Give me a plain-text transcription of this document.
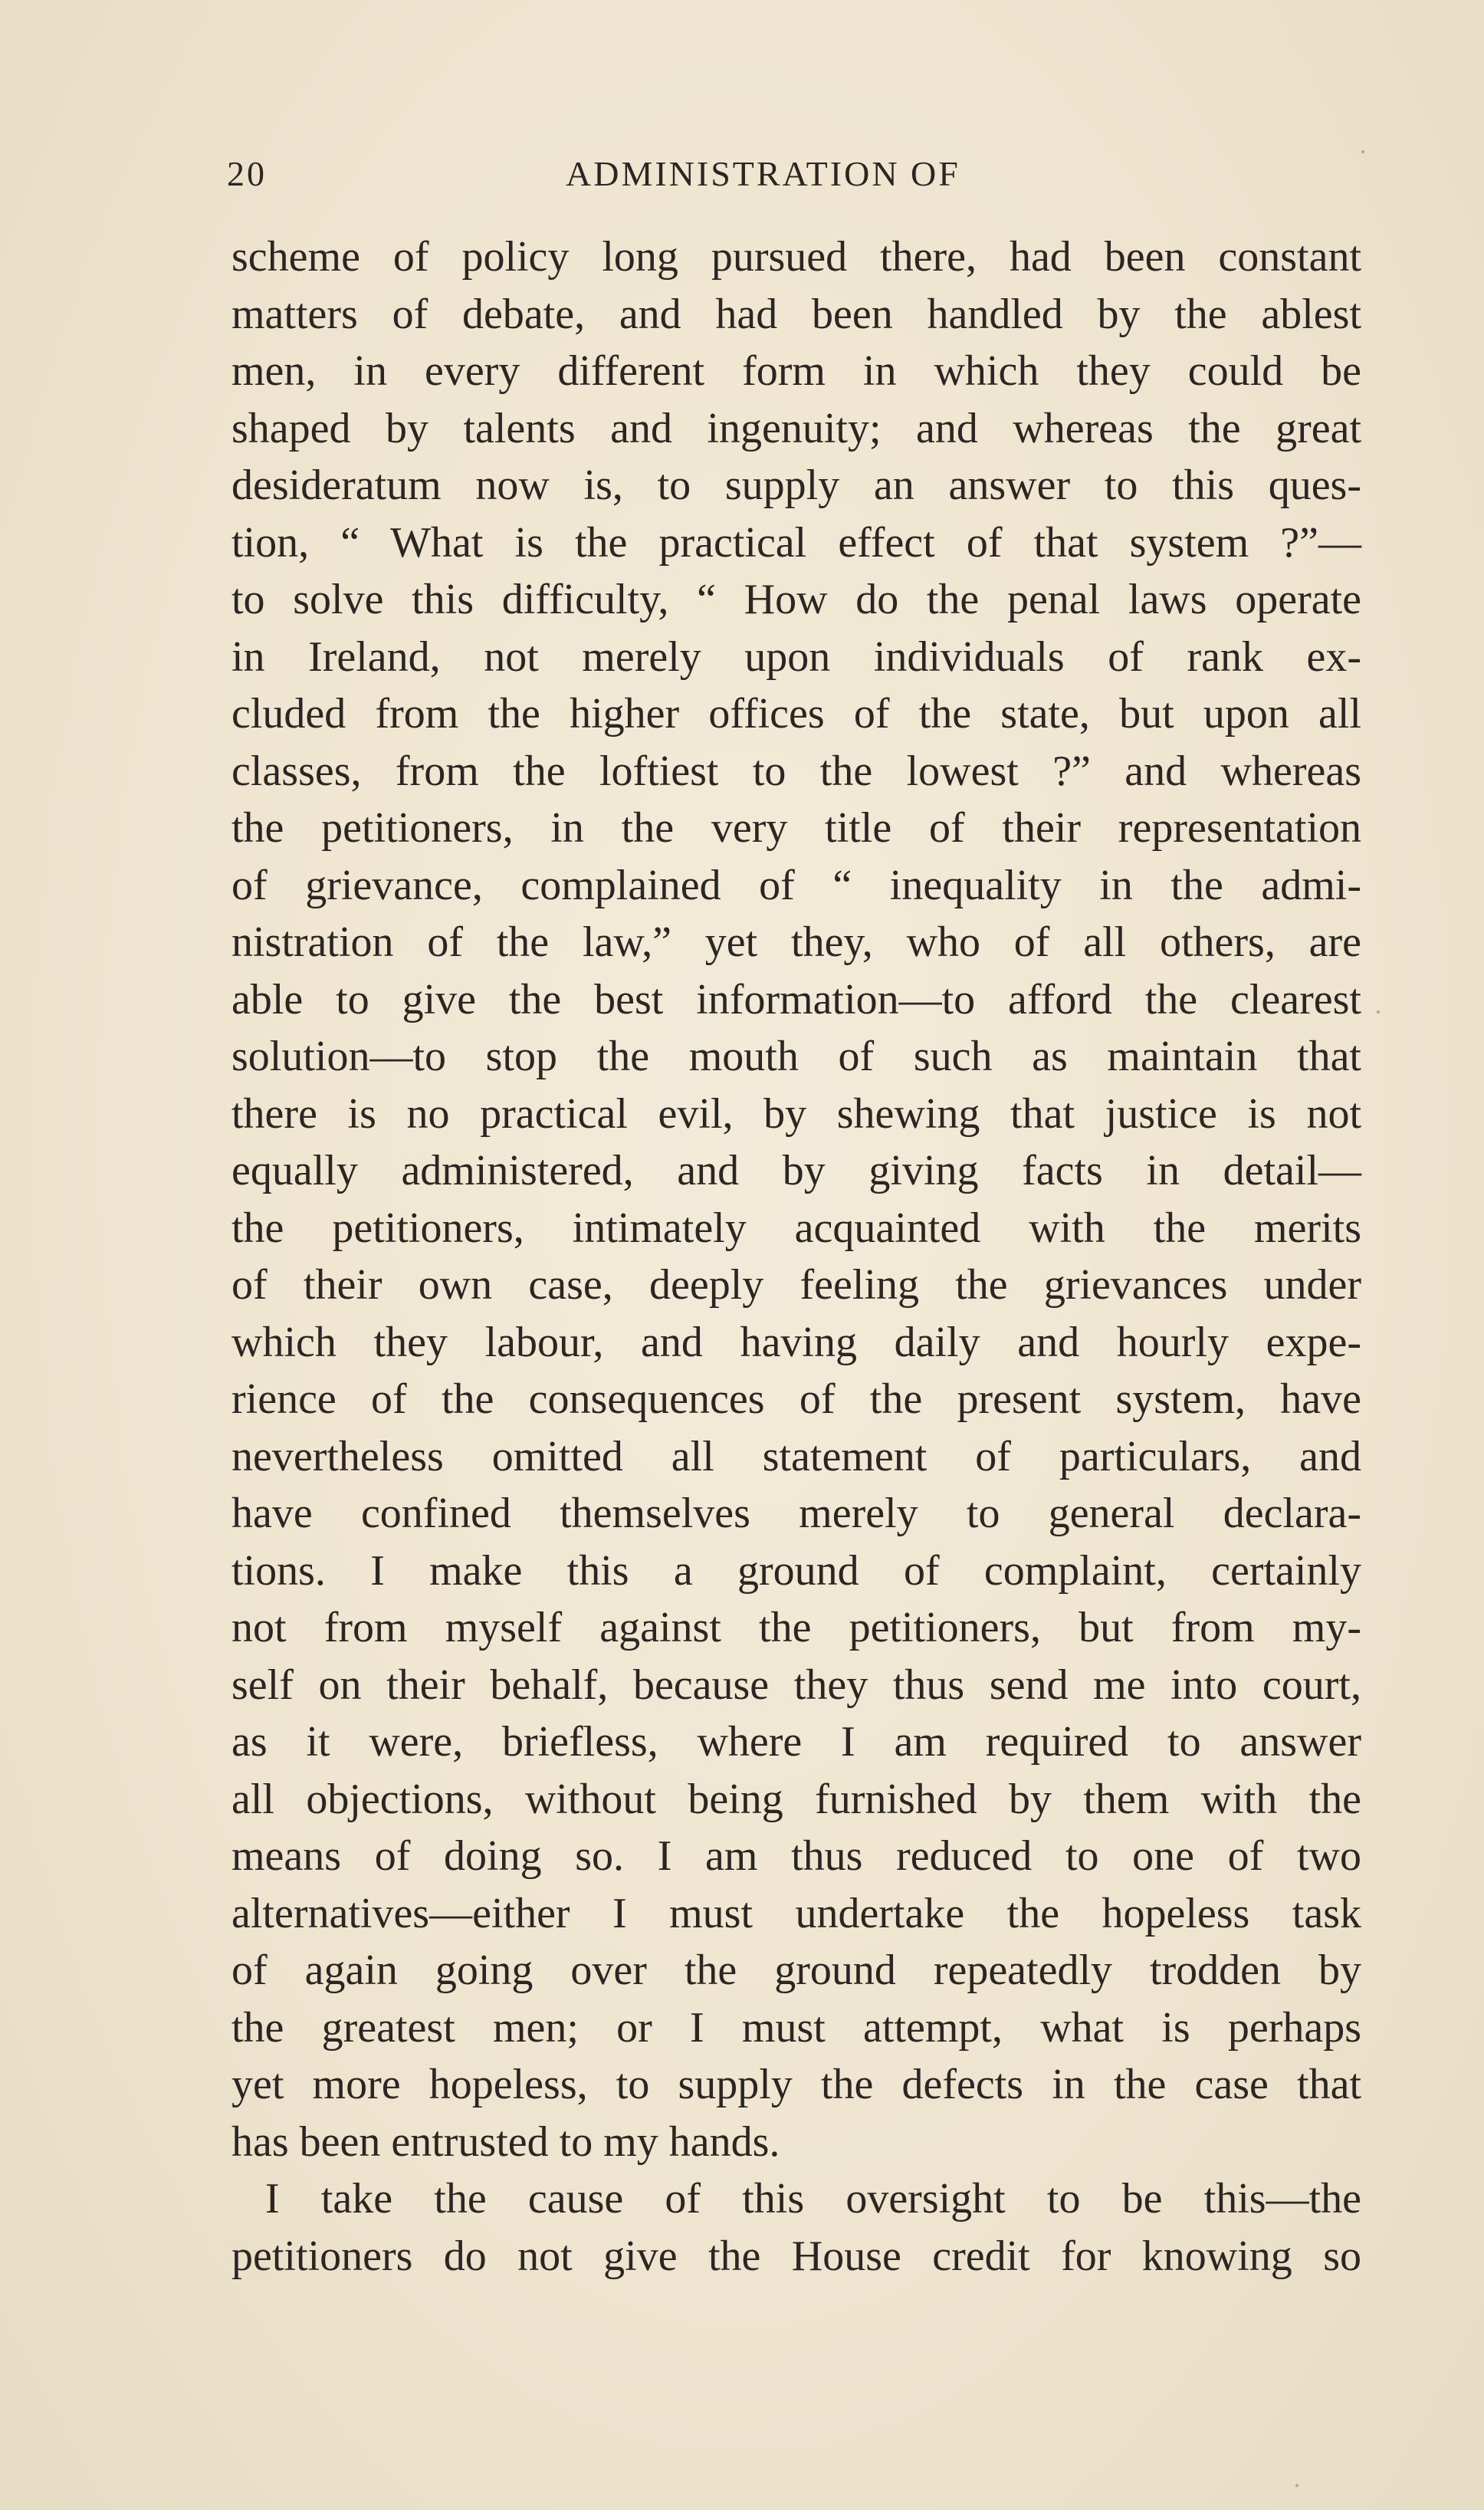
20	ADMINISTRATION OF
scheme of policy long pursued there, had been constant
matters of debate, and had been handled by the ablest
men, in every different form in which they could be
shaped by talents and ingenuity; and whereas the great
desideratum now is, to supply an answer to this ques-
tion, “ What is the practical effect of that system ?”—
to solve this difficulty, “ How do the penal laws operate
in Ireland, not merely upon individuals of rank ex-
cluded from the higher offices of the state, but upon all
classes, from the loftiest to the lowest ?” and whereas
the petitioners, in the very title of their representation
of grievance, complained of “ inequality in the admi-
nistration of the law,” yet they, who of all others, are
able to give the best information—to afford the clearest
solution—to stop the mouth of such as maintain that
there is no practical evil, by shewing that justice is not
equally administered, and by giving facts in detail—
the petitioners, intimately acquainted with the merits
of their own case, deeply feeling the grievances under
which they labour, and having daily and hourly expe-
rience of the consequences of the present system, have
nevertheless omitted all statement of particulars, and
have confined themselves merely to general declara-
tions. I make this a ground of complaint, certainly
not from myself against the petitioners, but from my-
self on their behalf, because they thus send me into court,
as it were, briefless, where I am required to answer
all objections, without being furnished by them with the
means of doing so. I am thus reduced to one of two
alternatives—either I must undertake the hopeless task
of again going over the ground repeatedly trodden by
the greatest men; or I must attempt, what is perhaps
yet more hopeless, to supply the defects in the case that
has been entrusted to my hands.
I take the cause of this oversight to be this—the
petitioners do not give the House credit for knowing so
